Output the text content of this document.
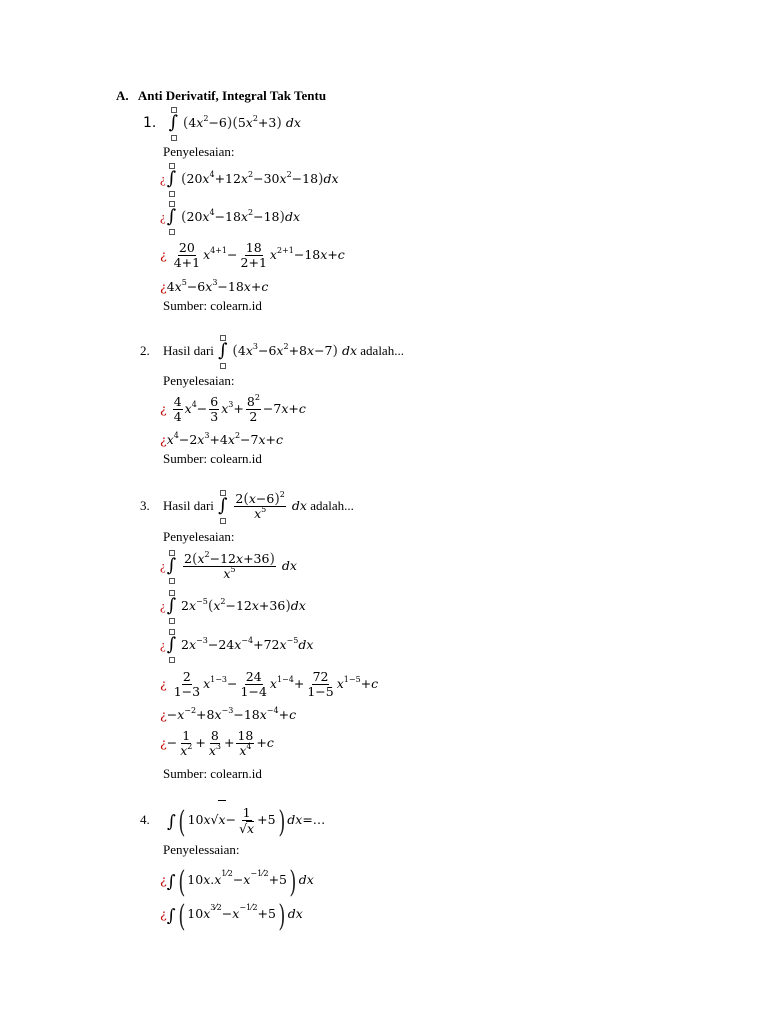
A. Anti Derivatif, Integral Tak Tentu
1. ∫ $(4x^2-6)(5x^2+3)$ dx
Penyelesaian:
¿ ∫ $(20x^4+12x^2-30x^2-18)dx$
¿ ∫ $(20x^4-18x^2-18)dx$
¿ $\frac{20}{4+1} x^{4+1}- \frac{18}{2+1} x^{2+1}-18x+c$
¿$4x^5-6x^3-18x+c$
Sumber: colearn.id
2. Hasil dari ∫ $(4x^3-6x^2+8x-7)$ dx adalah...
Penyelesaian:
¿ $\frac{4}{4} x^4- \frac{6}{3} x^3+ \frac{8^2}{2} -7x+c$
¿$x^4-2x^3+4x^2-7x+c$
Sumber: colearn.id
3. Hasil dari ∫
$\frac{2(x-6)^2}{x^5}$ dx adalah...
Penyelesaian:
¿ ∫
$\frac{2(x^2-12x+36)}{x^5}$ dx
¿ ∫ $2x^{-5}(x^2-12x+36)dx$
¿ ∫ $2x^{-3}-24x^{-4}+72x^{-5}dx$
¿ $\frac{2}{1-3} x^{1-3}- \frac{24}{1-4} x^{1-4}+ \frac{72}{1-5} x^{1-5}+c$
¿$-x^{-2}+8x^{-3}-18x^{-4}+c$
¿− $\frac{1}{x^2} + \frac{8}{x^3} + \frac{18}{x^4} +c$
Sumber: colearn.id
4. ∫( $10x√x- \frac{1}{√x} +5$) dx=…
Penyelessaian:
¿∫( $10x.x^{1⁄2}-x^{-1⁄2}+5$) dx
¿∫( $10x^{3⁄2}-x^{-1⁄2}+5$) dx
